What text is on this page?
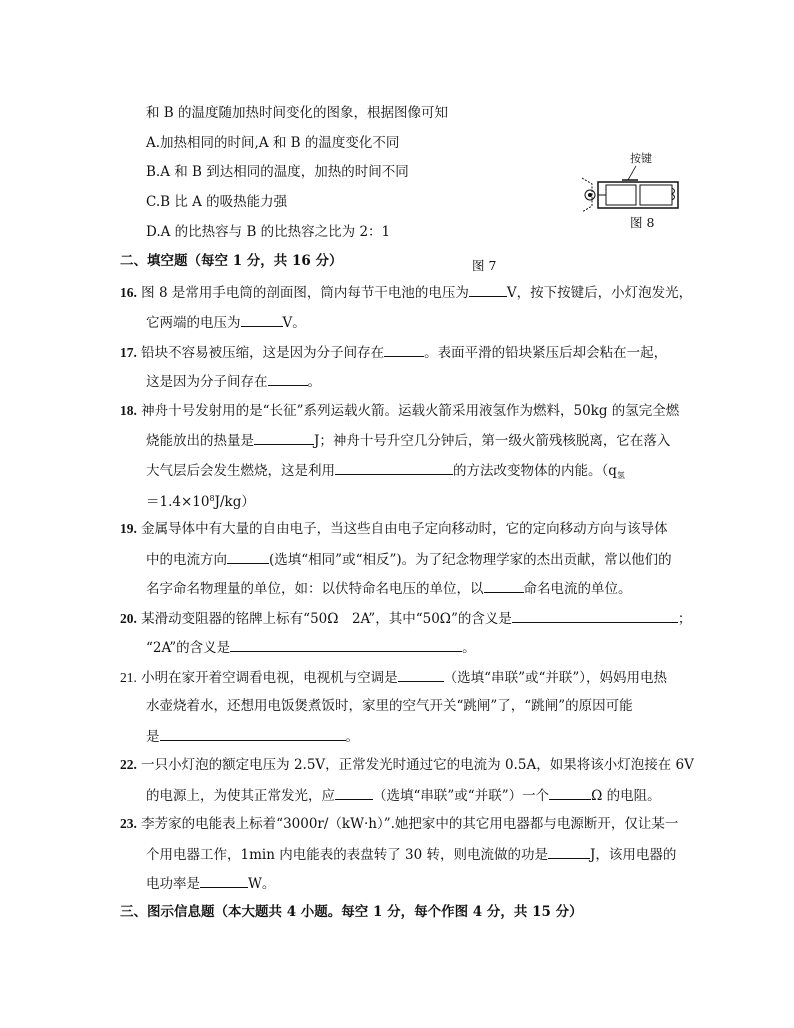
和 B 的温度随加热时间变化的图象，根据图像可知
A.加热相同的时间,A 和 B 的温度变化不同
B.A 和 B 到达相同的温度，加热的时间不同
C.B 比 A 的吸热能力强
D.A 的比热容与 B 的比热容之比为 2：1
按键
图 8
二、填空题（每空 1 分，共 16 分）	图 7
16. 图 8 是常用手电筒的剖面图，筒内每节干电池的电压为	V，按下按键后，小灯泡发光，
它两端的电压为	V。
17. 铅块不容易被压缩，这是因为分子间存在	。表面平滑的铅块紧压后却会粘在一起，
这是因为分子间存在	。
18. 神舟十号发射用的是“长征”系列运载火箭。运载火箭采用液氢作为燃料，50kg 的氢完全燃
烧能放出的热量是	J；神舟十号升空几分钟后，第一级火箭残核脱离，它在落入
大气层后会发生燃烧，这是利用	的方法改变物体的内能。（$q_氢$
$=1.4\times 10^8J/kg$）
19. 金属导体中有大量的自由电子，当这些自由电子定向移动时，它的定向移动方向与该导体
中的电流方向	(选填“相同”或“相反”)。为了纪念物理学家的杰出贡献，常以他们的
名字命名物理量的单位，如：以伏特命名电压的单位，以	命名电流的单位。
20. 某滑动变阻器的铭牌上标有“50Ω　2A”，其中“50Ω”的含义是	；
“2A”的含义是	。
21. 小明在家开着空调看电视，电视机与空调是	（选填“串联”或“并联”），妈妈用电热
水壶烧着水，还想用电饭煲煮饭时，家里的空气开关“跳闸”了，“跳闸”的原因可能
是	。
22. 一只小灯泡的额定电压为 2.5V，正常发光时通过它的电流为 0.5A，如果将该小灯泡接在 6V
的电源上，为使其正常发光，应	（选填“串联”或“并联”）一个	Ω 的电阻。
23. 李芳家的电能表上标着“3000r/（kW·h）”.她把家中的其它用电器都与电源断开，仅让某一
个用电器工作，1min 内电能表的表盘转了 30 转，则电流做的功是	J，该用电器的
电功率是	W。
三、图示信息题（本大题共 4 小题。每空 1 分，每个作图 4 分，共 15 分）
